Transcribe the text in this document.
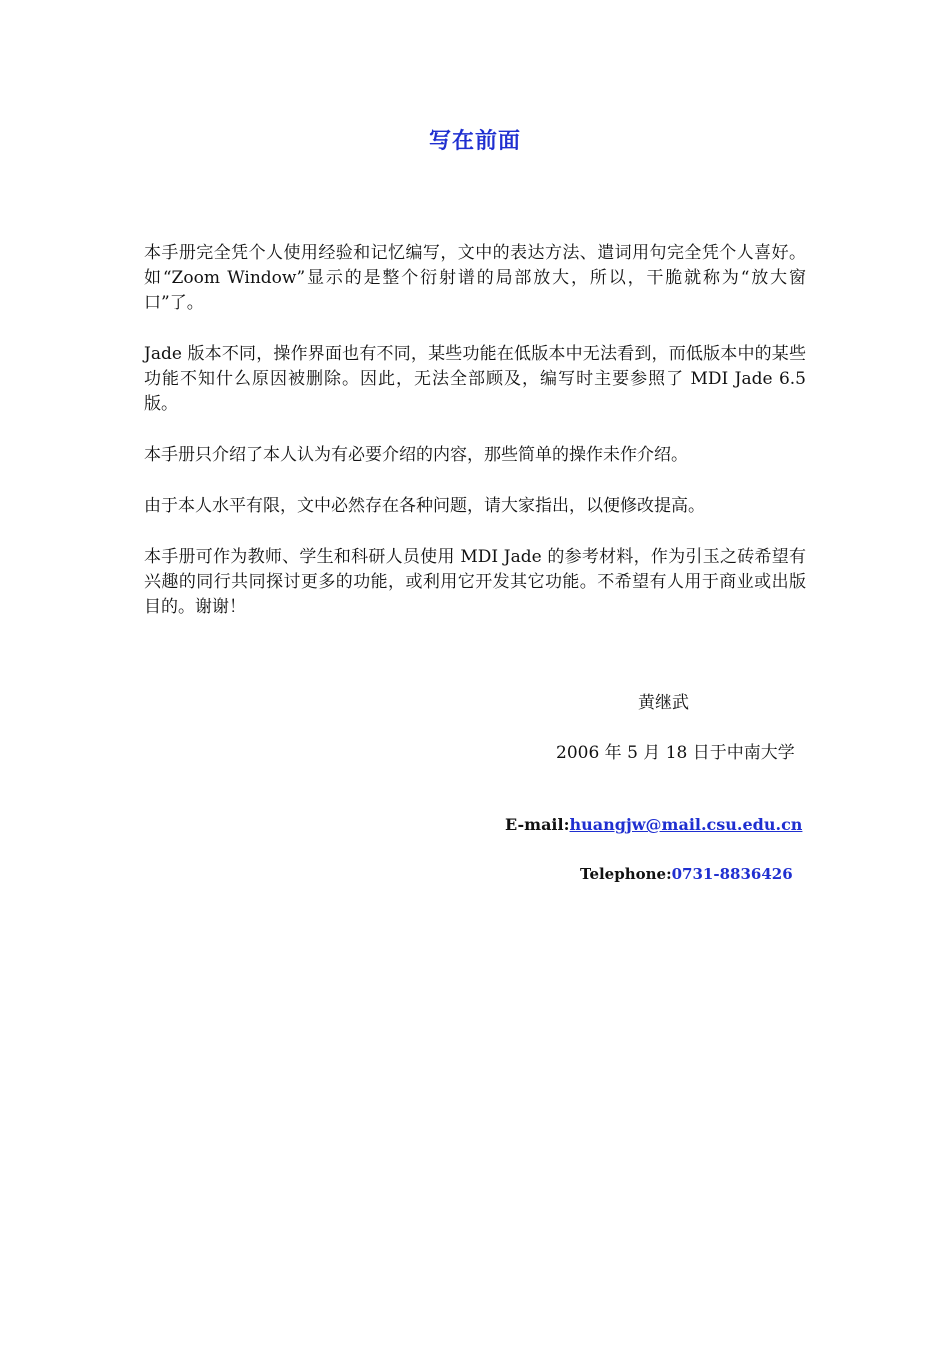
写在前面

本手册完全凭个人使用经验和记忆编写，文中的表达方法、遣词用句完全凭个人喜好。如“Zoom Window”显示的是整个衍射谱的局部放大，所以，干脆就称为“放大窗口”了。

Jade 版本不同，操作界面也有不同，某些功能在低版本中无法看到，而低版本中的某些功能不知什么原因被删除。因此，无法全部顾及，编写时主要参照了 MDI Jade 6.5 版。

本手册只介绍了本人认为有必要介绍的内容，那些简单的操作未作介绍。

由于本人水平有限，文中必然存在各种问题，请大家指出，以便修改提高。

本手册可作为教师、学生和科研人员使用 MDI Jade 的参考材料，作为引玉之砖希望有兴趣的同行共同探讨更多的功能，或利用它开发其它功能。不希望有人用于商业或出版目的。谢谢！

黄继武
2006 年 5 月 18 日于中南大学
E-mail:huangjw@mail.csu.edu.cn
Telephone:0731-8836426
